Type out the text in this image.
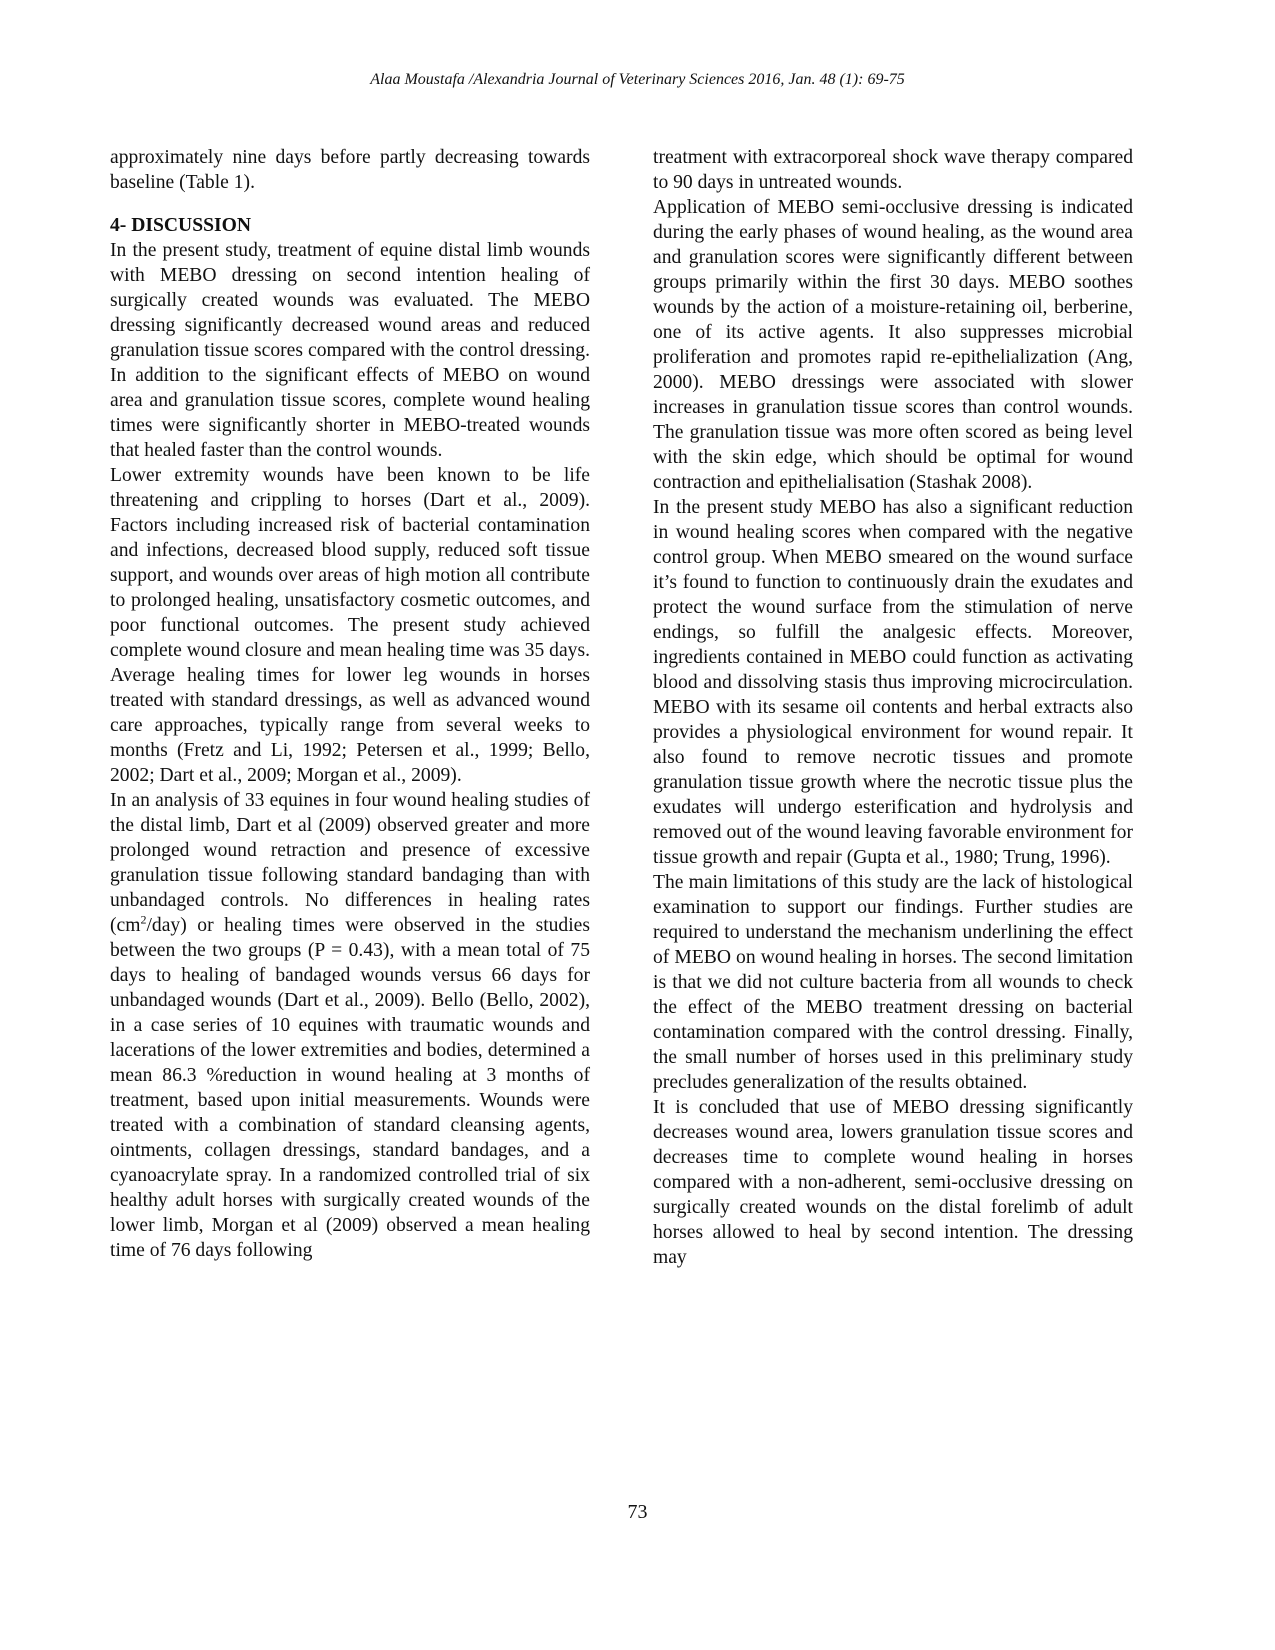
Alaa Moustafa /Alexandria Journal of Veterinary Sciences 2016, Jan. 48 (1): 69-75

approximately nine days before partly decreasing towards baseline (Table 1).

4- DISCUSSION

In the present study, treatment of equine distal limb wounds with MEBO dressing on second intention healing of surgically created wounds was evaluated. The MEBO dressing significantly decreased wound areas and reduced granulation tissue scores compared with the control dressing. In addition to the significant effects of MEBO on wound area and granulation tissue scores, complete wound healing times were significantly shorter in MEBO-treated wounds that healed faster than the control wounds.

Lower extremity wounds have been known to be life threatening and crippling to horses (Dart et al., 2009). Factors including increased risk of bacterial contamination and infections, decreased blood supply, reduced soft tissue support, and wounds over areas of high motion all contribute to prolonged healing, unsatisfactory cosmetic outcomes, and poor functional outcomes. The present study achieved complete wound closure and mean healing time was 35 days. Average healing times for lower leg wounds in horses treated with standard dressings, as well as advanced wound care approaches, typically range from several weeks to months (Fretz and Li, 1992; Petersen et al., 1999; Bello, 2002; Dart et al., 2009; Morgan et al., 2009).

In an analysis of 33 equines in four wound healing studies of the distal limb, Dart et al (2009) observed greater and more prolonged wound retraction and presence of excessive granulation tissue following standard bandaging than with unbandaged controls. No differences in healing rates $(cm^2/day)$ or healing times were observed in the studies between the two groups (P = 0.43), with a mean total of 75 days to healing of bandaged wounds versus 66 days for unbandaged wounds (Dart et al., 2009). Bello (Bello, 2002), in a case series of 10 equines with traumatic wounds and lacerations of the lower extremities and bodies, determined a mean 86.3 %reduction in wound healing at 3 months of treatment, based upon initial measurements. Wounds were treated with a combination of standard cleansing agents, ointments, collagen dressings, standard bandages, and a cyanoacrylate spray. In a randomized controlled trial of six healthy adult horses with surgically created wounds of the lower limb, Morgan et al (2009) observed a mean healing time of 76 days following

treatment with extracorporeal shock wave therapy compared to 90 days in untreated wounds.

Application of MEBO semi-occlusive dressing is indicated during the early phases of wound healing, as the wound area and granulation scores were significantly different between groups primarily within the first 30 days. MEBO soothes wounds by the action of a moisture-retaining oil, berberine, one of its active agents. It also suppresses microbial proliferation and promotes rapid re-epithelialization (Ang, 2000). MEBO dressings were associated with slower increases in granulation tissue scores than control wounds. The granulation tissue was more often scored as being level with the skin edge, which should be optimal for wound contraction and epithelialisation (Stashak 2008).

In the present study MEBO has also a significant reduction in wound healing scores when compared with the negative control group. When MEBO smeared on the wound surface it’s found to function to continuously drain the exudates and protect the wound surface from the stimulation of nerve endings, so fulfill the analgesic effects. Moreover, ingredients contained in MEBO could function as activating blood and dissolving stasis thus improving microcirculation. MEBO with its sesame oil contents and herbal extracts also provides a physiological environment for wound repair. It also found to remove necrotic tissues and promote granulation tissue growth where the necrotic tissue plus the exudates will undergo esterification and hydrolysis and removed out of the wound leaving favorable environment for tissue growth and repair (Gupta et al., 1980; Trung, 1996).

The main limitations of this study are the lack of histological examination to support our findings. Further studies are required to understand the mechanism underlining the effect of MEBO on wound healing in horses. The second limitation is that we did not culture bacteria from all wounds to check the effect of the MEBO treatment dressing on bacterial contamination compared with the control dressing. Finally, the small number of horses used in this preliminary study precludes generalization of the results obtained.

It is concluded that use of MEBO dressing significantly decreases wound area, lowers granulation tissue scores and decreases time to complete wound healing in horses compared with a non-adherent, semi-occlusive dressing on surgically created wounds on the distal forelimb of adult horses allowed to heal by second intention. The dressing may

73
